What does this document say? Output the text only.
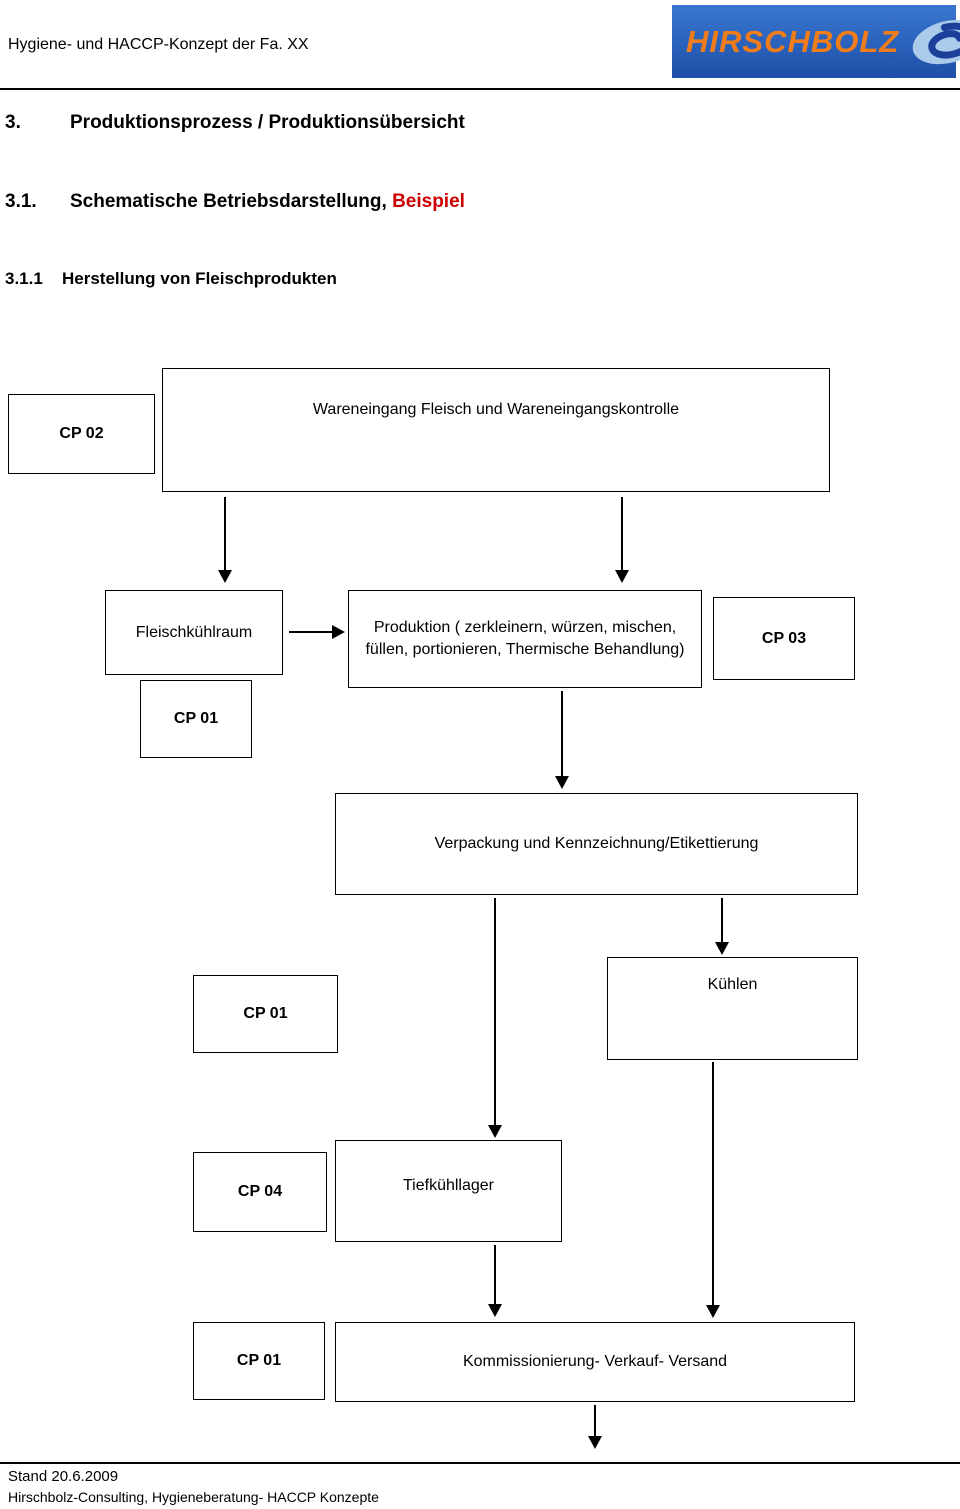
Hygiene- und HACCP-Konzept der Fa. XX	HIRSCHBOLZ
3.	Produktionsprozess / Produktionsübersicht
3.1.	Schematische Betriebsdarstellung, Beispiel
3.1.1	Herstellung von Fleischprodukten
CP 02
Wareneingang Fleisch und Wareneingangskontrolle
Fleischkühlraum	Produktion ( zerkleinern, würzen, mischen, füllen, portionieren, Thermische Behandlung)
CP 03
CP 01
Verpackung und Kennzeichnung/Etikettierung
CP 01
Kühlen
CP 04	Tiefkühllager
CP 01	Kommissionierung- Verkauf- Versand
Stand 20.6.2009
Hirschbolz-Consulting, Hygieneberatung- HACCP Konzepte
